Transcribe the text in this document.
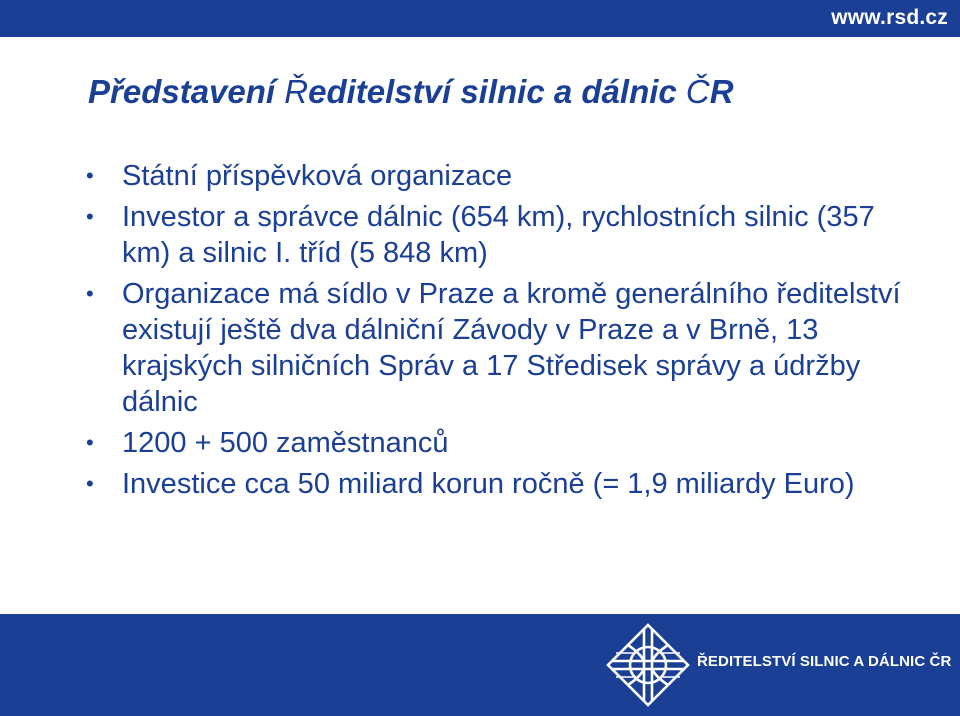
www.rsd.cz
Představení Ředitelství silnic a dálnic ČR
• Státní příspěvková organizace
• Investor a správce dálnic (654 km), rychlostních silnic (357 km) a silnic I. tříd (5 848 km)
• Organizace má sídlo v Praze a kromě generálního ředitelství existují ještě dva dálniční Závody v Praze a v Brně, 13 krajských silničních Správ a 17 Středisek správy a údržby dálnic
• 1200 + 500 zaměstnanců
• Investice cca 50 miliard korun ročně (= 1,9 miliardy Euro)
ŘEDITELSTVÍ SILNIC A DÁLNIC ČR
